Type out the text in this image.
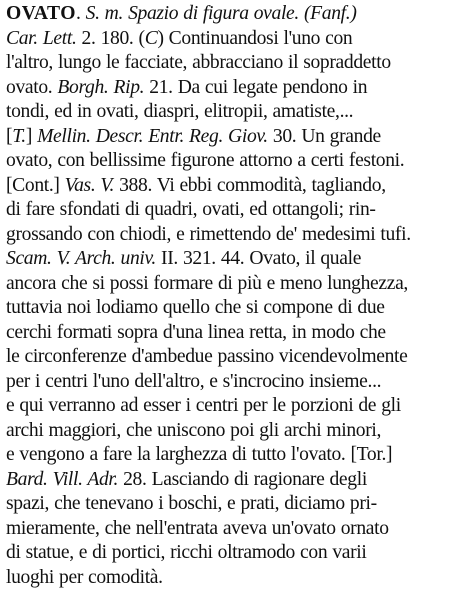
OVATO. S. m. Spazio di figura ovale. (Fanf.)
Car. Lett. 2. 180. (C) Continuandosi l'uno con
l'altro, lungo le facciate, abbracciano il sopraddetto
ovato. Borgh. Rip. 21. Da cui legate pendono in
tondi, ed in ovati, diaspri, elitropii, amatiste,...
[T.] Mellin. Descr. Entr. Reg. Giov. 30. Un grande
ovato, con bellissime figurone attorno a certi festoni.
[Cont.] Vas. V. 388. Vi ebbi commodità, tagliando,
di fare sfondati di quadri, ovati, ed ottangoli; rin-
grossando con chiodi, e rimettendo de' medesimi tufi.
Scam. V. Arch. univ. II. 321. 44. Ovato, il quale
ancora che si possi formare di più e meno lunghezza,
tuttavia noi lodiamo quello che si compone di due
cerchi formati sopra d'una linea retta, in modo che
le circonferenze d'ambedue passino vicendevolmente
per i centri l'uno dell'altro, e s'incrocino insieme...
e qui verranno ad esser i centri per le porzioni de gli
archi maggiori, che uniscono poi gli archi minori,
e vengono a fare la larghezza di tutto l'ovato. [Tor.]
Bard. Vill. Adr. 28. Lasciando di ragionare degli
spazi, che tenevano i boschi, e prati, diciamo pri-
mieramente, che nell'entrata aveva un'ovato ornato
di statue, e di portici, ricchi oltramodo con varii
luoghi per comodità.
